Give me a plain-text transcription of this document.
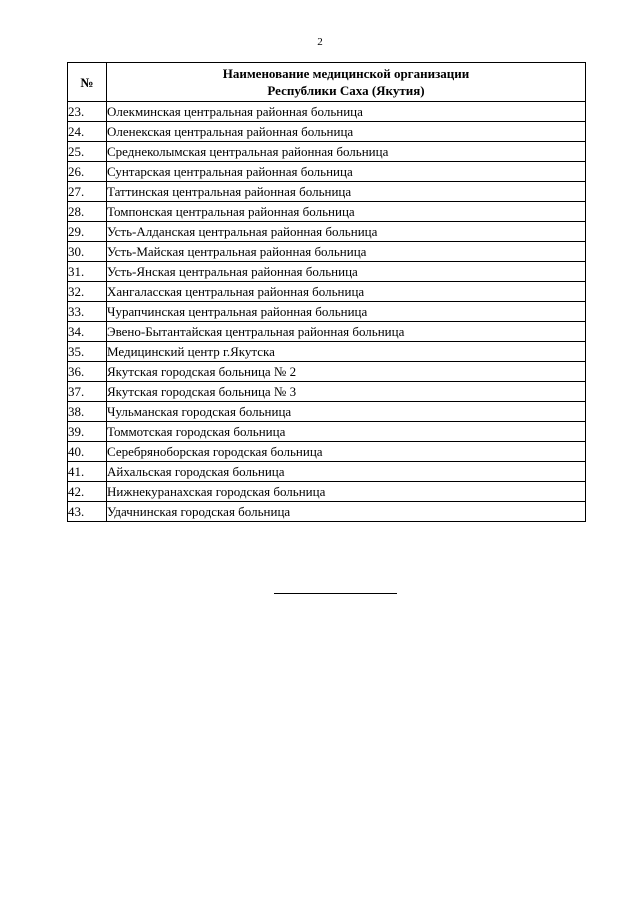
2
№	Наименование медицинской организации
Республики Саха (Якутия)
23.	Олекминская центральная районная больница
24.	Оленекская центральная районная больница
25.	Среднеколымская центральная районная больница
26.	Сунтарская центральная районная больница
27.	Таттинская центральная районная больница
28.	Томпонская центральная районная больница
29.	Усть-Алданская центральная районная больница
30.	Усть-Майская центральная районная больница
31.	Усть-Янская центральная районная больница
32.	Хангаласская центральная районная больница
33.	Чурапчинская центральная районная больница
34.	Эвено-Бытантайская центральная районная больница
35.	Медицинский центр г.Якутска
36.	Якутская городская больница № 2
37.	Якутская городская больница № 3
38.	Чульманская городская больница
39.	Томмотская городская больница
40.	Серебряноборская городская больница
41.	Айхальская городская больница
42.	Нижнекуранахская городская больница
43.	Удачнинская городская больница
